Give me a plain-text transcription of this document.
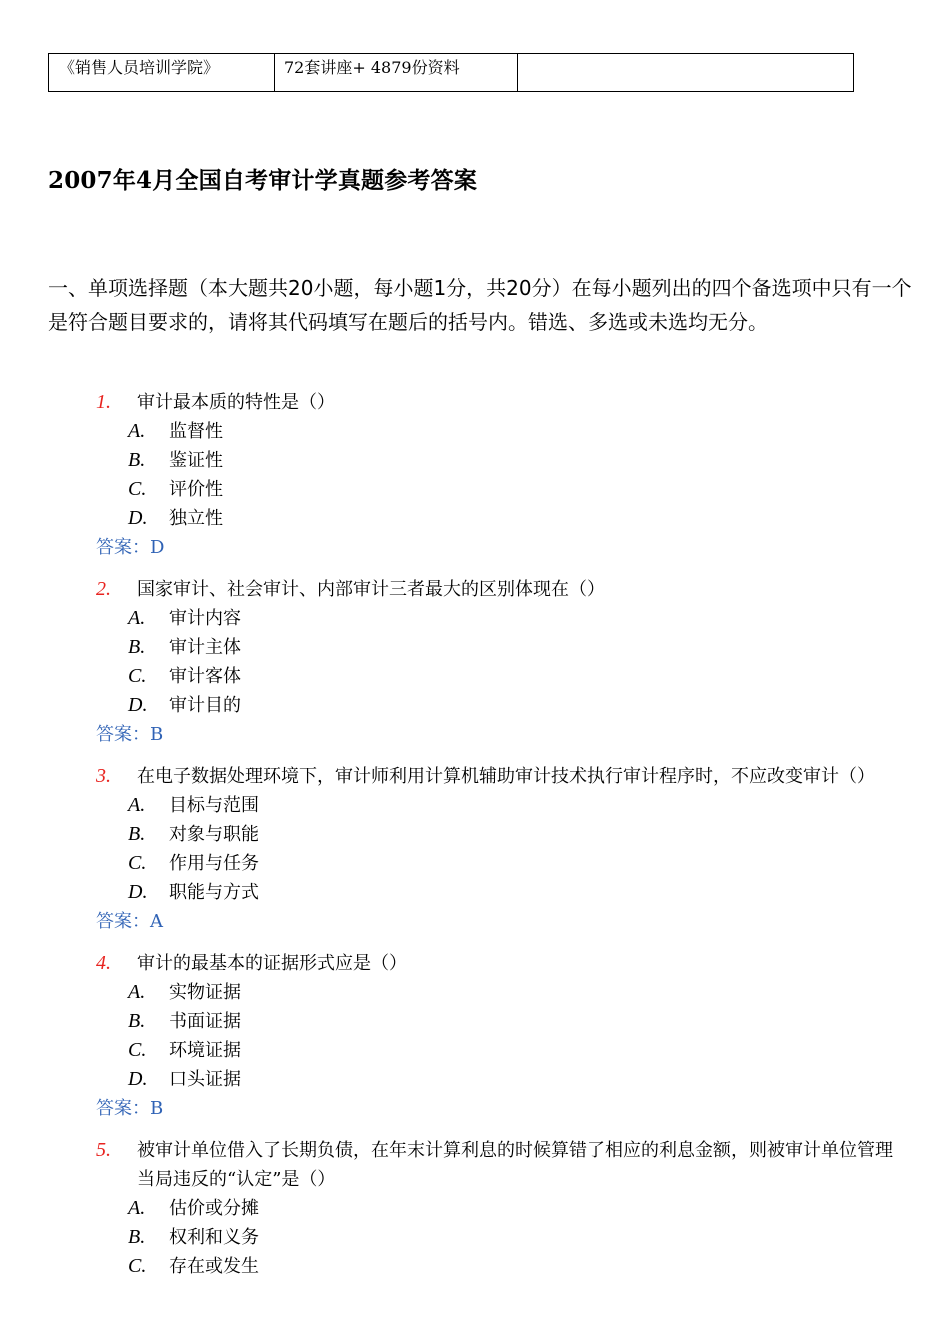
《销售人员培训学院》	72套讲座+ 4879份资料
2007年4月全国自考审计学真题参考答案

一、单项选择题（本大题共20小题，每小题1分，共20分）在每小题列出的四个备选项中只有一个是符合题目要求的，请将其代码填写在题后的括号内。错选、多选或未选均无分。

1. 审计最本质的特性是（）
A. 监督性
B. 鉴证性
C. 评价性
D. 独立性
答案：D
2. 国家审计、社会审计、内部审计三者最大的区别体现在（）
A. 审计内容
B. 审计主体
C. 审计客体
D. 审计目的
答案：B
3. 在电子数据处理环境下，审计师利用计算机辅助审计技术执行审计程序时，不应改变审计（）
A. 目标与范围
B. 对象与职能
C. 作用与任务
D. 职能与方式
答案：A
4. 审计的最基本的证据形式应是（）
A. 实物证据
B. 书面证据
C. 环境证据
D. 口头证据
答案：B
5. 被审计单位借入了长期负债，在年末计算利息的时候算错了相应的利息金额，则被审计单位管理当局违反的“认定”是（）
A. 估价或分摊
B. 权利和义务
C. 存在或发生
